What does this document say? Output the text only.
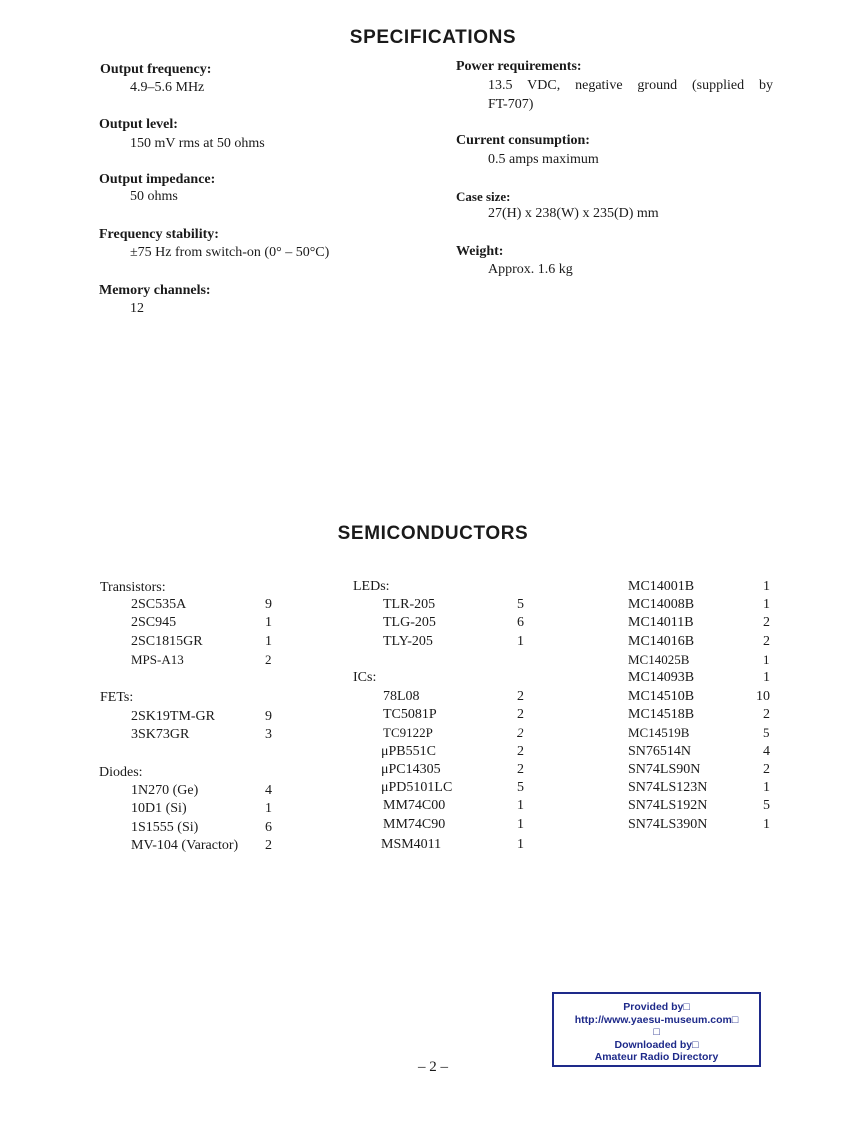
SPECIFICATIONS
Output frequency:
4.9–5.6 MHz
Output level:
150 mV rms at 50 ohms
Output impedance:
50 ohms
Frequency stability:
±75 Hz from switch-on (0° – 50°C)
Memory channels:
12
Power requirements:
13.5 VDC, negative ground (supplied by
FT-707)
Current consumption:
0.5 amps maximum
Case size:
27(H) x 238(W) x 235(D) mm
Weight:
Approx. 1.6 kg
SEMICONDUCTORS
Transistors:
2SC535A	9
2SC945	1
2SC1815GR	1
MPS-A13	2
FETs:
2SK19TM-GR	9
3SK73GR	3
Diodes:
1N270 (Ge)	4
10D1 (Si)	1
1S1555 (Si)	6
MV-104 (Varactor) 2
LEDs:
TLR-205	5
TLG-205	6
TLY-205	1
ICs:
78L08	2
TC5081P	2
TC9122P	2
μPB551C	2
μPC14305	2
μPD5101LC	5
MM74C00	1
MM74C90	1
MSM4011	1
MC14001B	1
MC14008B	1
MC14011B	2
MC14016B	2
MC14025B	1
MC14093B	1
MC14510B	10
MC14518B	2
MC14519B	5
SN76514N	4
SN74LS90N	2
SN74LS123N	1
SN74LS192N	5
SN74LS390N	1
Provided by□
http://www.yaesu-museum.com□
□
Downloaded by□
Amateur Radio Directory
– 2 –
